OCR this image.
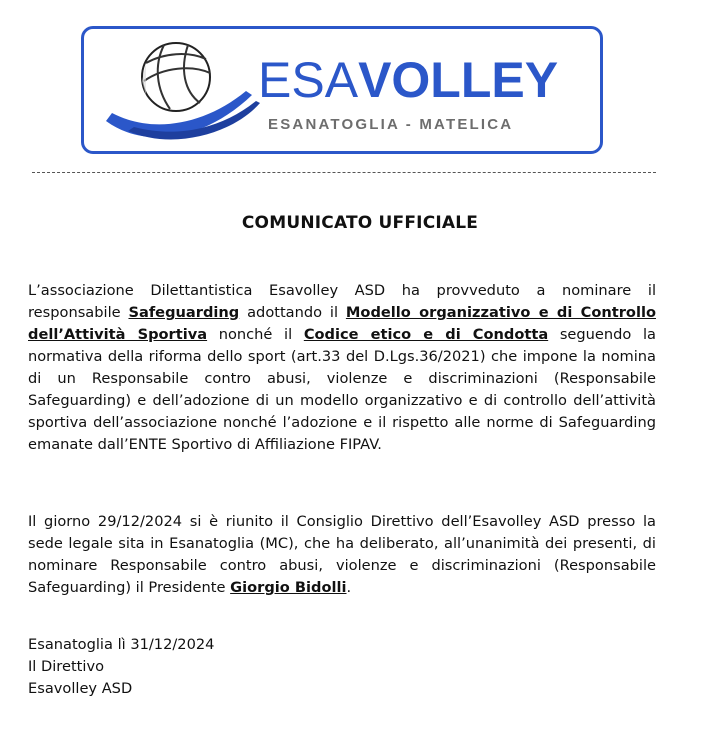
ESAVOLLEY
ESANATOGLIA - MATELICA
COMUNICATO UFFICIALE
L’associazione Dilettantistica Esavolley ASD ha provveduto a nominare il responsabile Safeguarding adottando il Modello organizzativo e di Controllo dell’Attività Sportiva nonché il Codice etico e di Condotta seguendo la normativa della riforma dello sport (art.33 del D.Lgs.36/2021) che impone la nomina di un Responsabile contro abusi, violenze e discriminazioni (Responsabile Safeguarding) e dell’adozione di un modello organizzativo e di controllo dell’attività sportiva dell’associazione nonché l’adozione e il rispetto alle norme di Safeguarding emanate dall’ENTE Sportivo di Affiliazione FIPAV.
Il giorno 29/12/2024 si è riunito il Consiglio Direttivo dell’Esavolley ASD presso la sede legale sita in Esanatoglia (MC), che ha deliberato, all’unanimità dei presenti, di nominare Responsabile contro abusi, violenze e discriminazioni (Responsabile Safeguarding) il Presidente Giorgio Bidolli.
Esanatoglia lì 31/12/2024
Il Direttivo
Esavolley ASD
